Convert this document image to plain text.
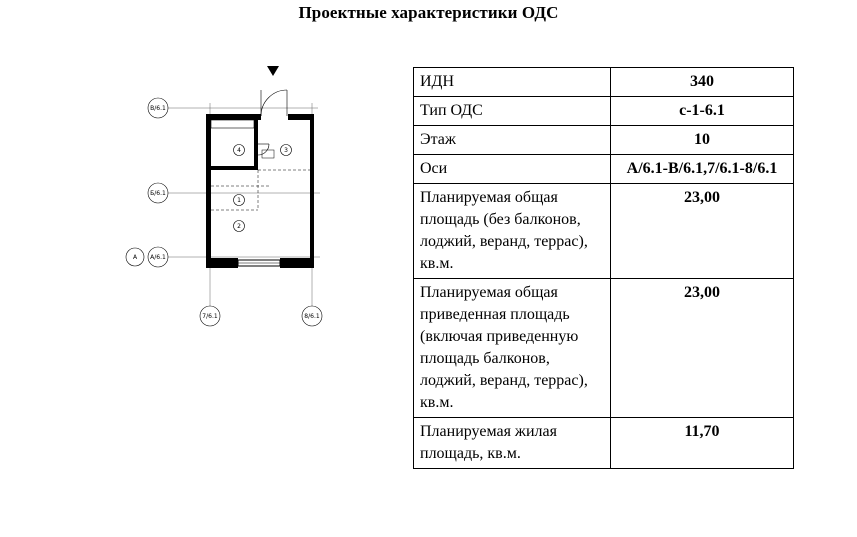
Проектные характеристики ОДС
4	3
1
2
В/6.1
Б/6.1
А А/6.1
7/6.1	8/6.1
ИДН	340
Тип ОДС	с-1-6.1
Этаж	10
Оси	А/6.1-В/6.1,7/6.1-8/6.1
Планируемая общая площадь (без балконов, лоджий, веранд, террас), кв.м.	23,00
Планируемая общая приведенная площадь (включая приведенную площадь балконов, лоджий, веранд, террас), кв.м.	23,00
Планируемая жилая площадь, кв.м.	11,70
